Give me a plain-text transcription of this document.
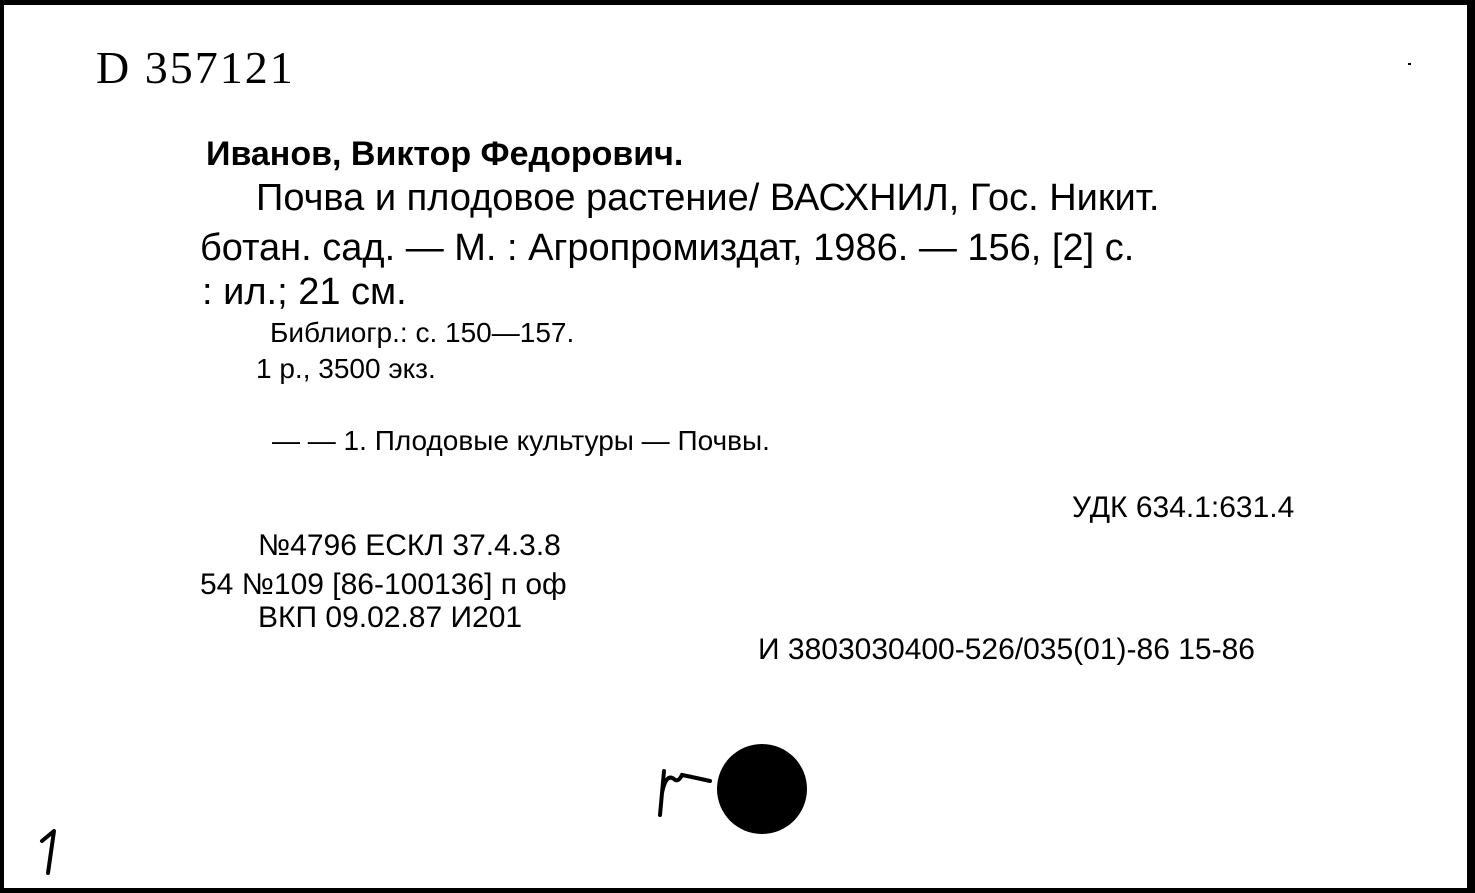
D 357121
Иванов, Виктор Федорович.
Почва и плодовое растение/ ВАСХНИЛ, Гос. Никит.
ботан. сад. — М. : Агропромиздат, 1986. — 156, [2] с.
: ил.; 21 см.
Библиогр.: с. 150—157.
1 р., 3500 экз.
— — 1. Плодовые культуры — Почвы.
УДК 634.1:631.4
№4796 ЕСКЛ 37.4.3.8
54 №109 [86-100136] п оф
ВКП 09.02.87 И201
И 3803030400-526/035(01)-86 15-86
